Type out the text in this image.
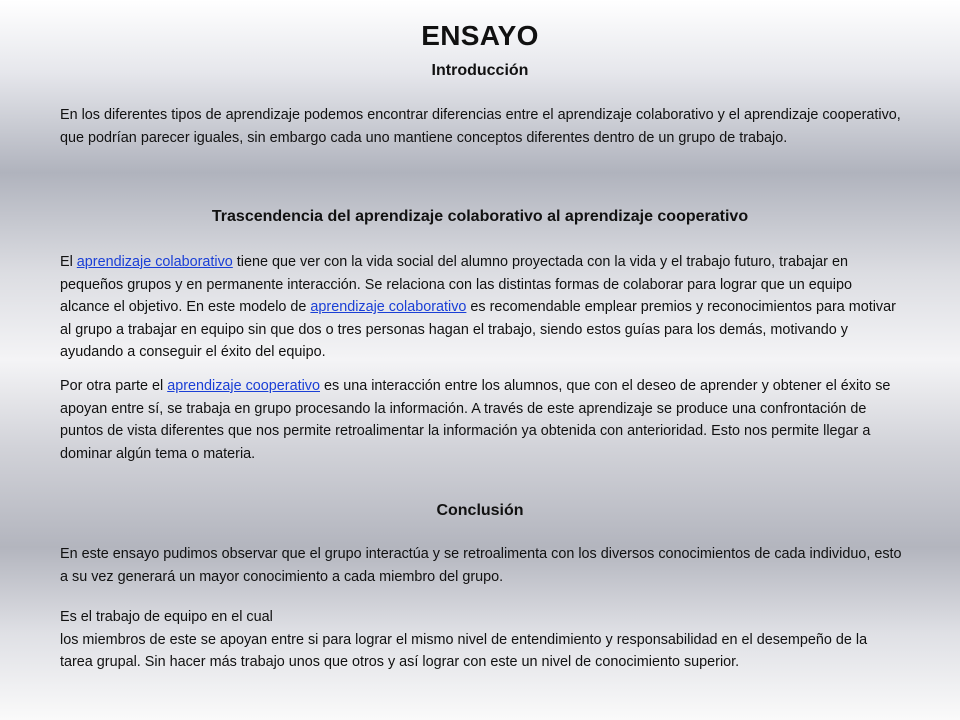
ENSAYO
Introducción

En los diferentes tipos de aprendizaje podemos encontrar diferencias entre el aprendizaje colaborativo y el aprendizaje cooperativo, que podrían parecer iguales, sin embargo cada uno mantiene conceptos diferentes dentro de un grupo de trabajo.

Trascendencia del aprendizaje colaborativo al aprendizaje cooperativo

El aprendizaje colaborativo tiene que ver con la vida social del alumno proyectada con la vida y el trabajo futuro, trabajar en pequeños grupos y en permanente interacción. Se relaciona con las distintas formas de colaborar para lograr que un equipo alcance el objetivo. En este modelo de aprendizaje colaborativo es recomendable emplear premios y reconocimientos para motivar al grupo a trabajar en equipo sin que dos o tres personas hagan el trabajo, siendo estos guías para los demás, motivando y ayudando a conseguir el éxito del equipo.

Por otra parte el aprendizaje cooperativo es una interacción entre los alumnos, que con el deseo de aprender y obtener el éxito se apoyan entre sí, se trabaja en grupo procesando la información. A través de este aprendizaje se produce una confrontación de puntos de vista diferentes que nos permite retroalimentar la información ya obtenida con anterioridad. Esto nos permite llegar a dominar algún tema o materia.

Conclusión

En este ensayo pudimos observar que el grupo interactúa y se retroalimenta con los diversos conocimientos de cada individuo, esto a su vez generará un mayor conocimiento a cada miembro del grupo.

Es el trabajo de equipo en el cual
los miembros de este se apoyan entre si para lograr el mismo nivel de entendimiento y responsabilidad en el desempeño de la tarea grupal. Sin hacer más trabajo unos que otros y así lograr con este un nivel de conocimiento superior.
